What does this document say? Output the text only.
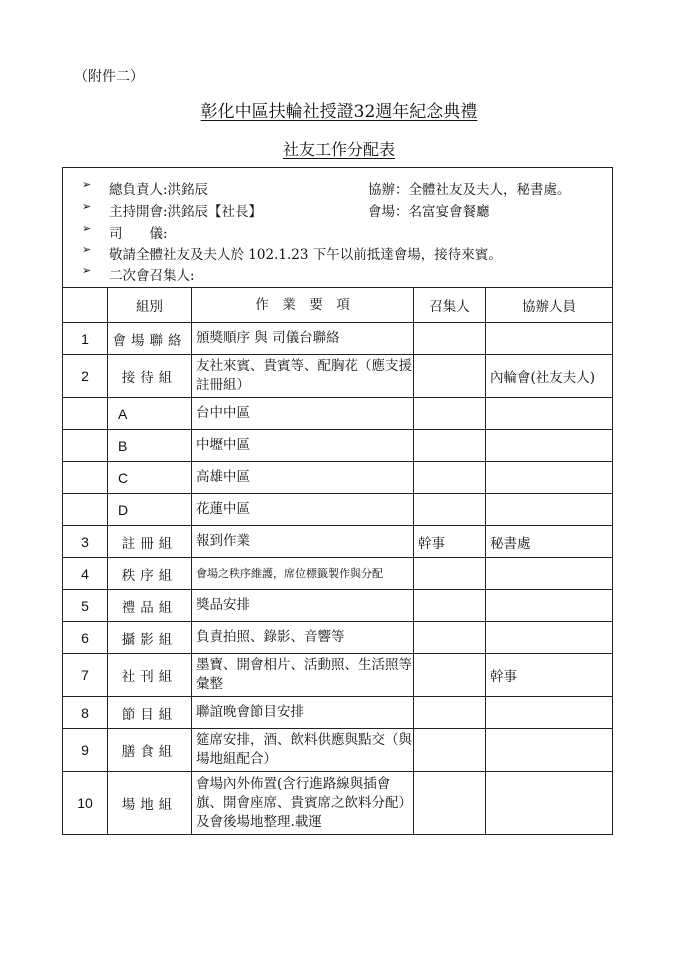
（附件二）
彰化中區扶輪社授證32週年紀念典禮
社友工作分配表
➢ 總負責人:洪銘辰	協辦：全體社友及夫人，秘書處。
➢ 主持開會:洪銘辰【社長】	會場：名富宴會餐廳
➢ 司　　儀:
➢ 敬請全體社友及夫人於 102.1.23 下午以前抵達會場，接待來賓。
➢ 二次會召集人:
	組別	作　業　要　項	召集人	協辦人員
1	會場聯絡	頒獎順序 與 司儀台聯絡		
2	接待組	友社來賓、貴賓等、配胸花（應支援註冊組）		內輪會(社友夫人)
	A	台中中區		
	B	中壢中區		
	C	高雄中區		
	D	花蓮中區		
3	註冊組	報到作業	幹事	秘書處
4	秩序組	會場之秩序維護，席位標籤製作與分配		
5	禮品組	獎品安排		
6	攝影組	負責拍照、錄影、音響等		
7	社刊組	墨寶、開會相片、活動照、生活照等彙整		幹事
8	節目組	聯誼晚會節目安排		
9	膳食組	筵席安排，酒、飲料供應與點交（與場地組配合）		
10	場地組	會場內外佈置(含行進路線與插會旗、開會座席、貴賓席之飲料分配）及會後場地整理.載運		
